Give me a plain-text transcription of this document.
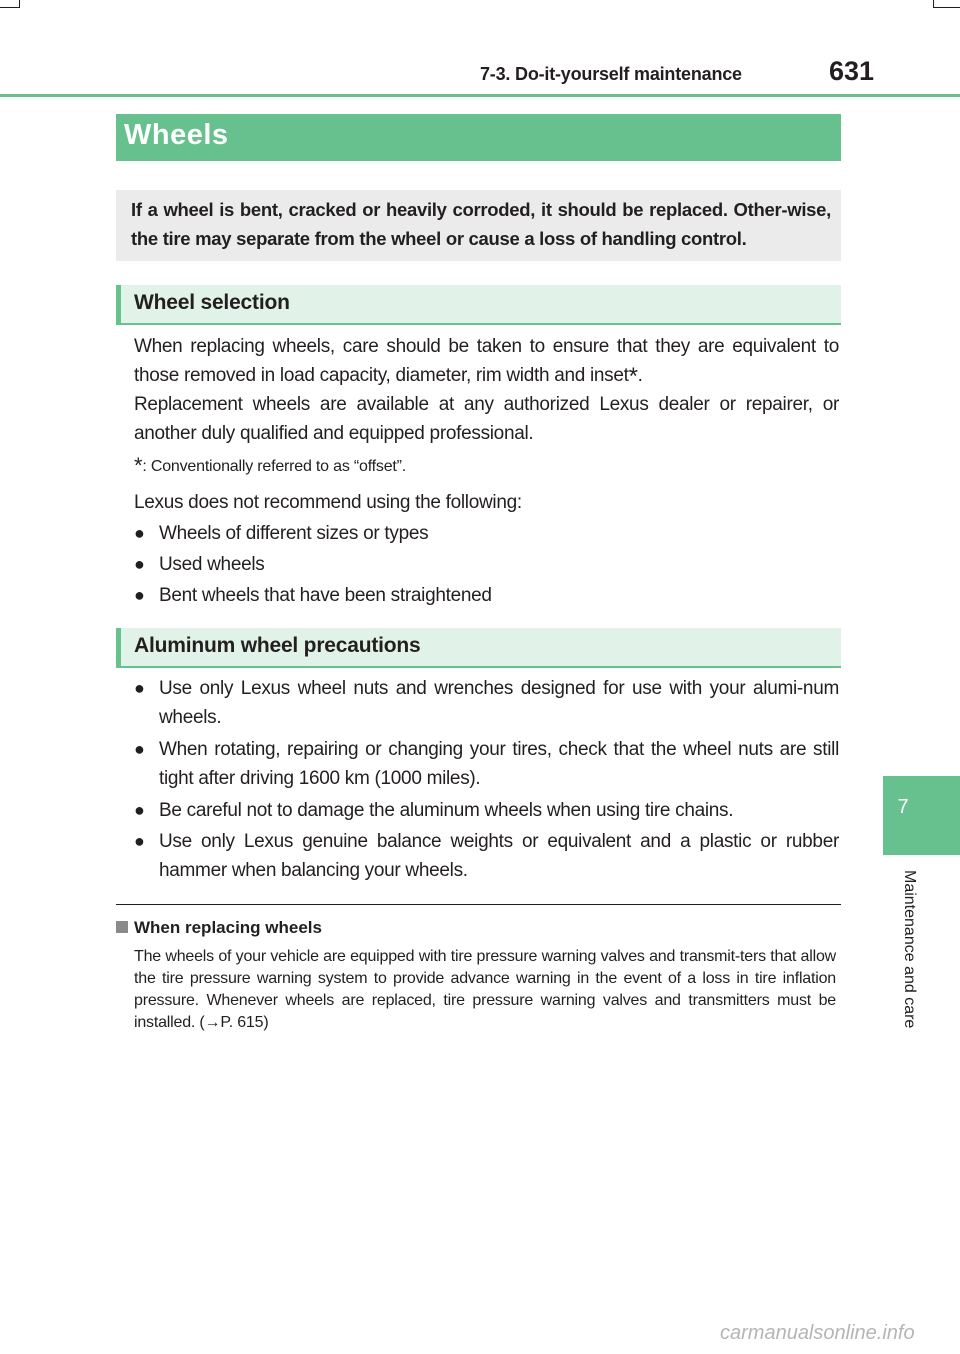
7-3. Do-it-yourself maintenance	631
7
Maintenance and care
Wheels
If a wheel is bent, cracked or heavily corroded, it should be replaced. Other-wise, the tire may separate from the wheel or cause a loss of handling control.
Wheel selection
When replacing wheels, care should be taken to ensure that they are equivalent to those removed in load capacity, diameter, rim width and inset*.
Replacement wheels are available at any authorized Lexus dealer or repairer, or another duly qualified and equipped professional.
*: Conventionally referred to as “offset”.
Lexus does not recommend using the following:
● Wheels of different sizes or types
● Used wheels
● Bent wheels that have been straightened
Aluminum wheel precautions
● Use only Lexus wheel nuts and wrenches designed for use with your alumi-num wheels.
● When rotating, repairing or changing your tires, check that the wheel nuts are still tight after driving 1600 km (1000 miles).
● Be careful not to damage the aluminum wheels when using tire chains.
● Use only Lexus genuine balance weights or equivalent and a plastic or rubber hammer when balancing your wheels.
When replacing wheels
The wheels of your vehicle are equipped with tire pressure warning valves and transmit-ters that allow the tire pressure warning system to provide advance warning in the event of a loss in tire inflation pressure. Whenever wheels are replaced, tire pressure warning valves and transmitters must be installed. (→P. 615)
carmanualsonline.info
